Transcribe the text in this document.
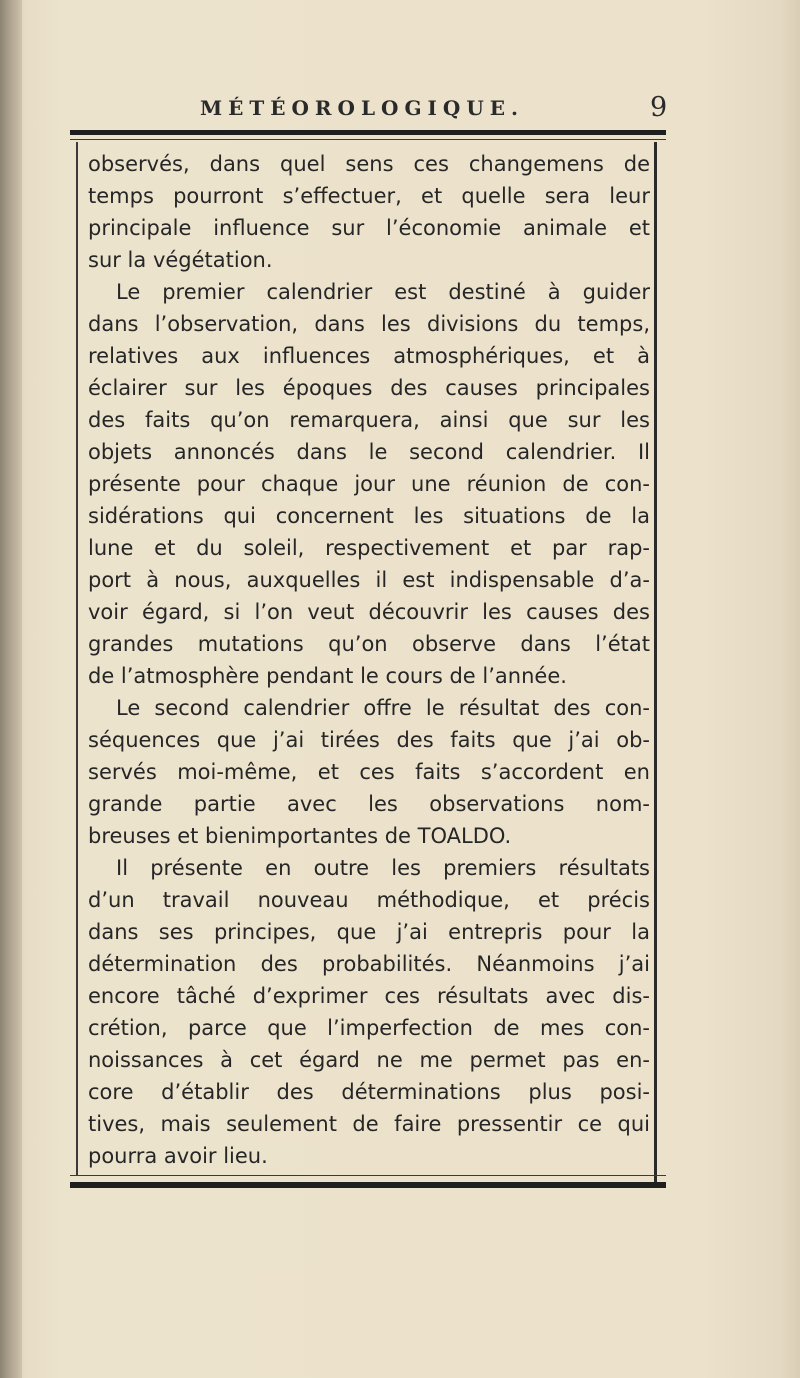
MÉTÉOROLOGIQUE.	9
observés, dans quel sens ces changemens de
temps pourront s’effectuer, et quelle sera leur
principale influence sur l’économie animale et
sur la végétation.
Le premier calendrier est destiné à guider
dans l’observation, dans les divisions du temps,
relatives aux influences atmosphériques, et à
éclairer sur les époques des causes principales
des faits qu’on remarquera, ainsi que sur les
objets annoncés dans le second calendrier. Il
présente pour chaque jour une réunion de con-
sidérations qui concernent les situations de la
lune et du soleil, respectivement et par rap-
port à nous, auxquelles il est indispensable d’a-
voir égard, si l’on veut découvrir les causes des
grandes mutations qu’on observe dans l’état
de l’atmosphère pendant le cours de l’année.
Le second calendrier offre le résultat des con-
séquences que j’ai tirées des faits que j’ai ob-
servés moi-même, et ces faits s’accordent en
grande partie avec les observations nom-
breuses et bienimportantes de TOALDO.
Il présente en outre les premiers résultats
d’un travail nouveau méthodique, et précis
dans ses principes, que j’ai entrepris pour la
détermination des probabilités. Néanmoins j’ai
encore tâché d’exprimer ces résultats avec dis-
crétion, parce que l’imperfection de mes con-
noissances à cet égard ne me permet pas en-
core d’établir des déterminations plus posi-
tives, mais seulement de faire pressentir ce qui
pourra avoir lieu.
